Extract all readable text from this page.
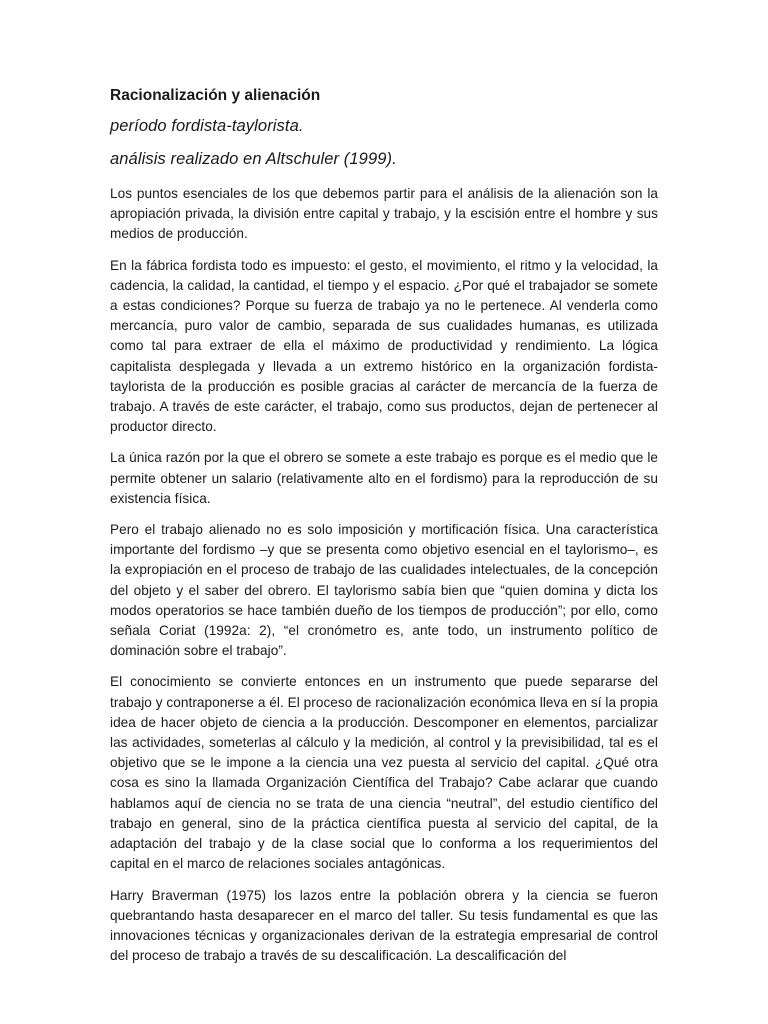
Racionalización y alienación

período fordista-taylorista.

análisis realizado en Altschuler (1999).

Los puntos esenciales de los que debemos partir para el análisis de la alienación son la apropiación privada, la división entre capital y trabajo, y la escisión entre el hombre y sus medios de producción.

En la fábrica fordista todo es impuesto: el gesto, el movimiento, el ritmo y la velocidad, la cadencia, la calidad, la cantidad, el tiempo y el espacio. ¿Por qué el trabajador se somete a estas condiciones? Porque su fuerza de trabajo ya no le pertenece. Al venderla como mercancía, puro valor de cambio, separada de sus cualidades humanas, es utilizada como tal para extraer de ella el máximo de productividad y rendimiento. La lógica capitalista desplegada y llevada a un extremo histórico en la organización fordista-taylorista de la producción es posible gracias al carácter de mercancía de la fuerza de trabajo. A través de este carácter, el trabajo, como sus productos, dejan de pertenecer al productor directo.

La única razón por la que el obrero se somete a este trabajo es porque es el medio que le permite obtener un salario (relativamente alto en el fordismo) para la reproducción de su existencia física.

Pero el trabajo alienado no es solo imposición y mortificación física. Una característica importante del fordismo –y que se presenta como objetivo esencial en el taylorismo–, es la expropiación en el proceso de trabajo de las cualidades intelectuales, de la concepción del objeto y el saber del obrero. El taylorismo sabía bien que “quien domina y dicta los modos operatorios se hace también dueño de los tiempos de producción”; por ello, como señala Coriat (1992a: 2), “el cronómetro es, ante todo, un instrumento político de dominación sobre el trabajo”.

El conocimiento se convierte entonces en un instrumento que puede separarse del trabajo y contraponerse a él. El proceso de racionalización económica lleva en sí la propia idea de hacer objeto de ciencia a la producción. Descomponer en elementos, parcializar las actividades, someterlas al cálculo y la medición, al control y la previsibilidad, tal es el objetivo que se le impone a la ciencia una vez puesta al servicio del capital. ¿Qué otra cosa es sino la llamada Organización Científica del Trabajo? Cabe aclarar que cuando hablamos aquí de ciencia no se trata de una ciencia “neutral”, del estudio científico del trabajo en general, sino de la práctica científica puesta al servicio del capital, de la adaptación del trabajo y de la clase social que lo conforma a los requerimientos del capital en el marco de relaciones sociales antagónicas.

Harry Braverman (1975) los lazos entre la población obrera y la ciencia se fueron quebrantando hasta desaparecer en el marco del taller. Su tesis fundamental es que las innovaciones técnicas y organizacionales derivan de la estrategia empresarial de control del proceso de trabajo a través de su descalificación. La descalificación del
